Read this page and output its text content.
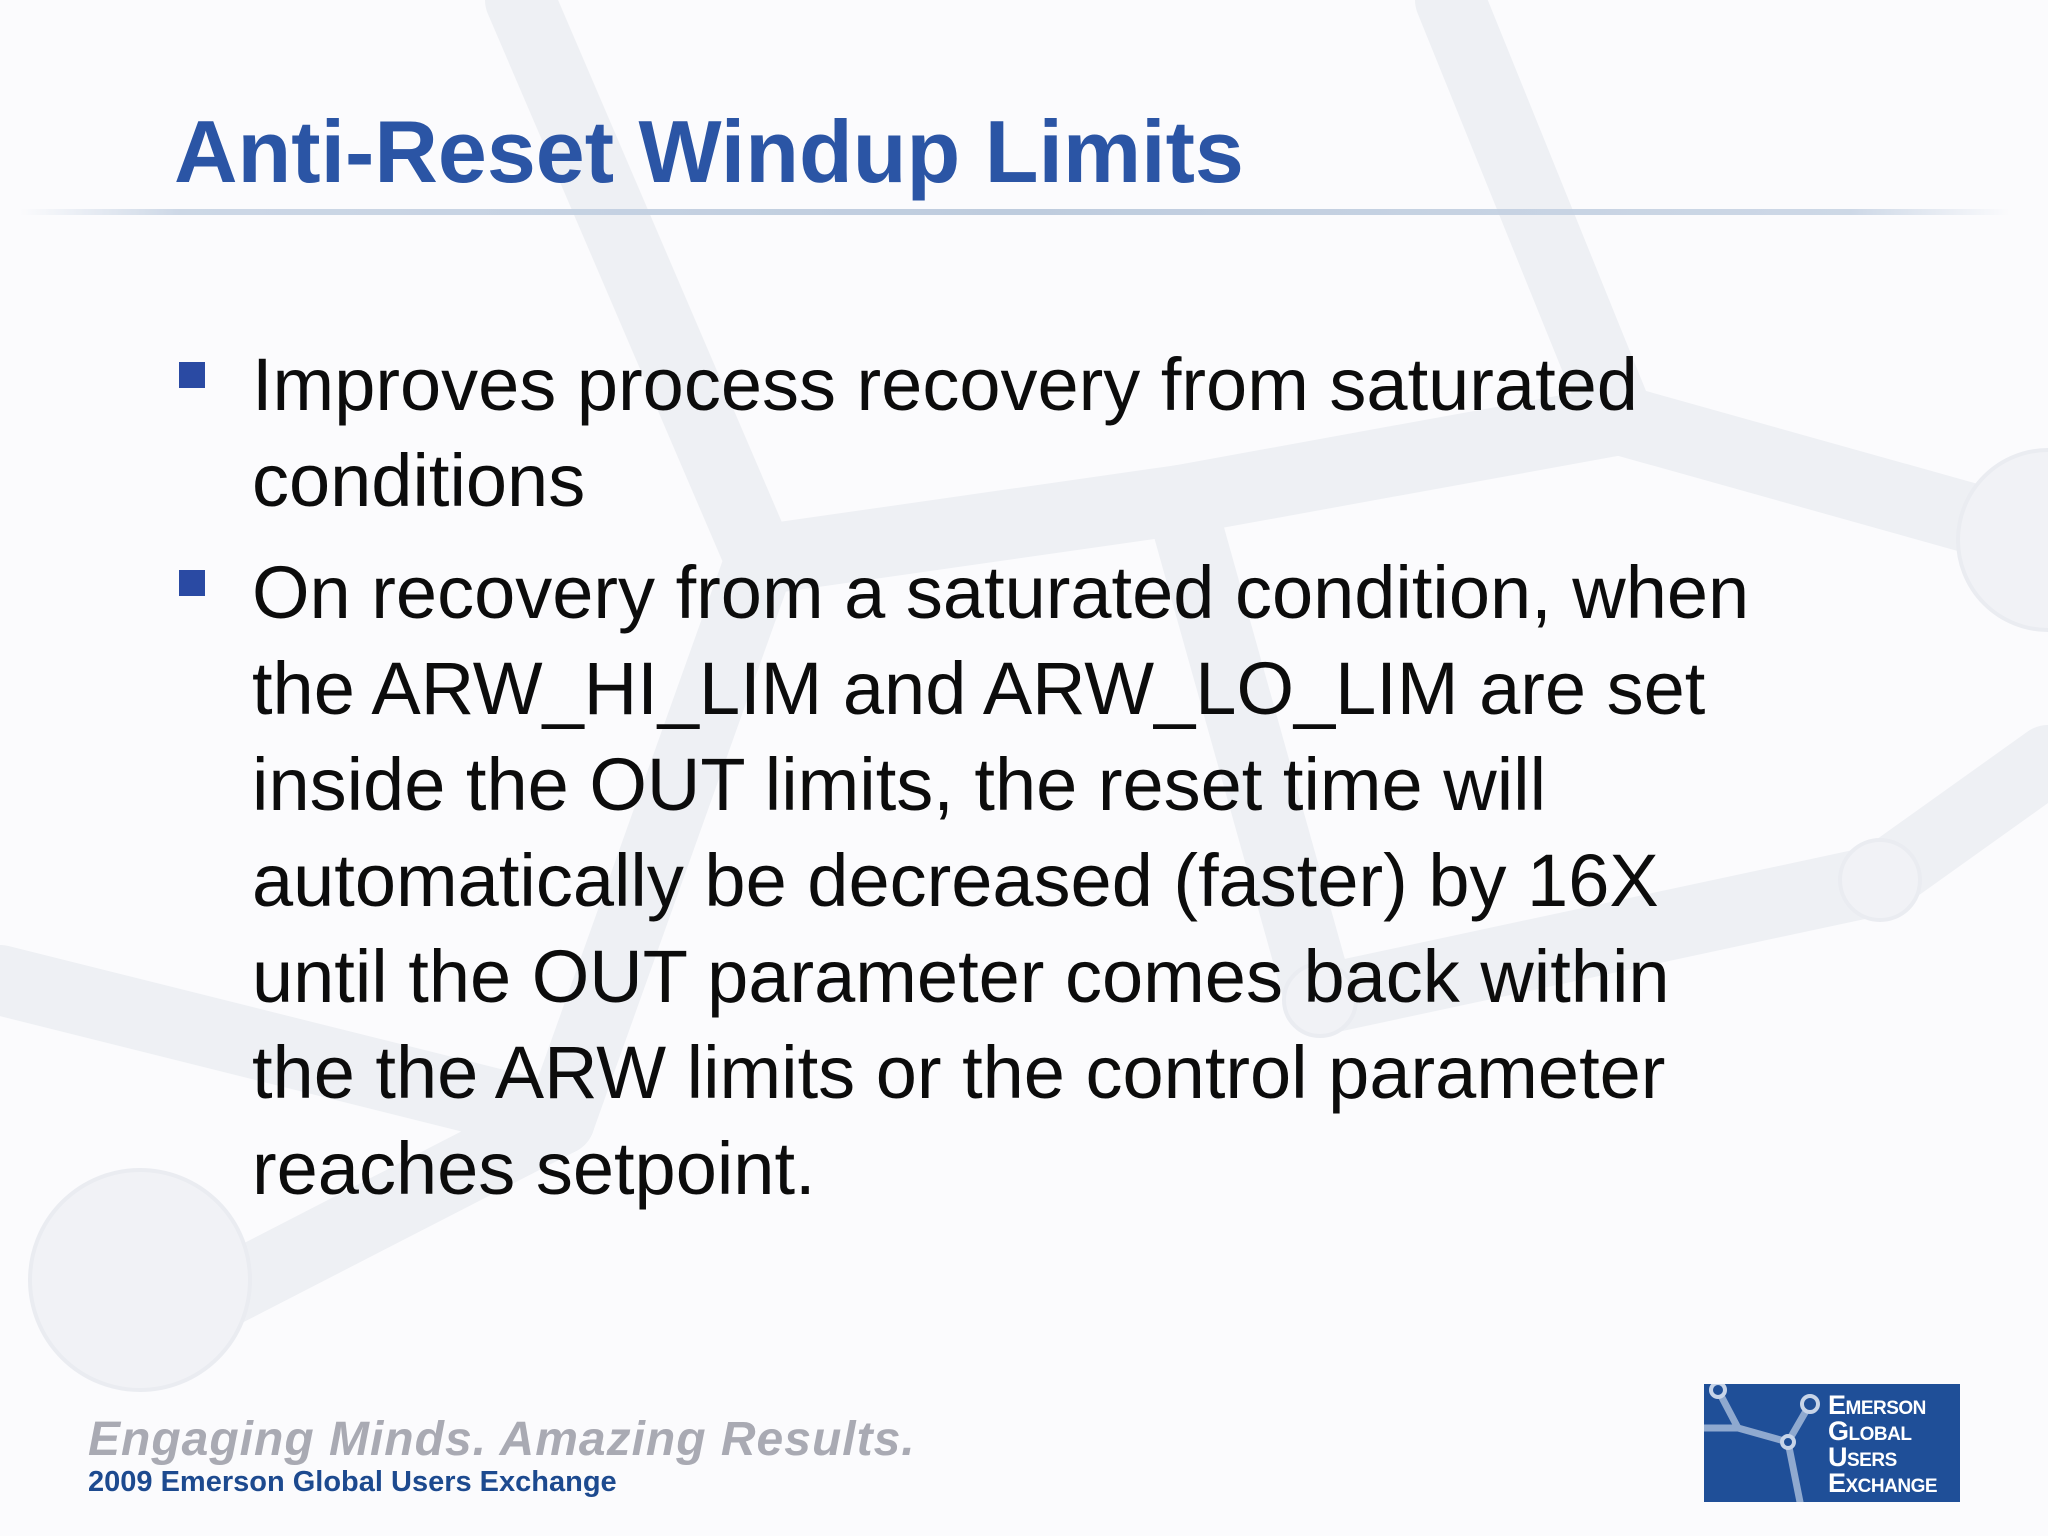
Anti-Reset Windup Limits
Improves process recovery from saturated
conditions
On recovery from a saturated condition, when
the ARW_HI_LIM and ARW_LO_LIM are set
inside the OUT limits, the reset time will
automatically be decreased (faster) by 16X
until the OUT parameter comes back within
the the ARW limits or the control parameter
reaches setpoint.
Engaging Minds. Amazing Results.
2009 Emerson Global Users Exchange
Emerson
Global
Users
Exchange
